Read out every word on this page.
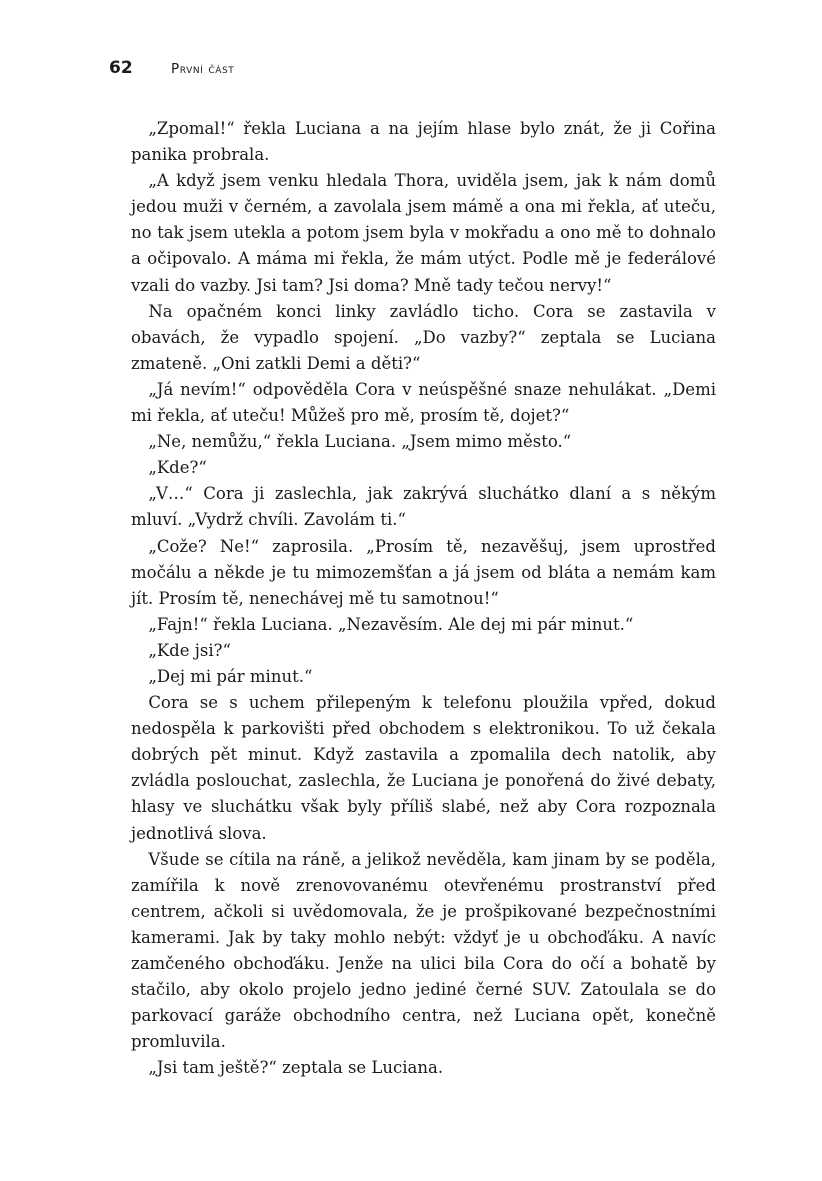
62	První část

„Zpomal!“ řekla Luciana a na jejím hlase bylo znát, že ji Cořina panika probrala.

„A když jsem venku hledala Thora, uviděla jsem, jak k nám domů jedou muži v černém, a zavolala jsem mámě a ona mi řekla, ať uteču, no tak jsem utekla a potom jsem byla v mokřadu a ono mě to dohnalo a očipovalo. A máma mi řekla, že mám utýct. Podle mě je federálové vzali do vazby. Jsi tam? Jsi doma? Mně tady tečou nervy!“

Na opačném konci linky zavládlo ticho. Cora se zastavila v obavách, že vypadlo spojení. „Do vazby?“ zeptala se Luciana zmateně. „Oni zatkli Demi a děti?“

„Já nevím!“ odpověděla Cora v neúspěšné snaze nehulákat. „Demi mi řekla, ať uteču! Můžeš pro mě, prosím tě, dojet?“

„Ne, nemůžu,“ řekla Luciana. „Jsem mimo město.“

„Kde?“

„V…“ Cora ji zaslechla, jak zakrývá sluchátko dlaní a s někým mluví. „Vydrž chvíli. Zavolám ti.“

„Cože? Ne!“ zaprosila. „Prosím tě, nezavěšuj, jsem uprostřed močálu a někde je tu mimozemšťan a já jsem od bláta a nemám kam jít. Prosím tě, nenechávej mě tu samotnou!“

„Fajn!“ řekla Luciana. „Nezavěsím. Ale dej mi pár minut.“

„Kde jsi?“

„Dej mi pár minut.“

Cora se s uchem přilepeným k telefonu ploužila vpřed, dokud nedospěla k parkovišti před obchodem s elektronikou. To už čekala dobrých pět minut. Když zastavila a zpomalila dech natolik, aby zvládla poslouchat, zaslechla, že Luciana je ponořená do živé debaty, hlasy ve sluchátku však byly příliš slabé, než aby Cora rozpoznala jednotlivá slova.

Všude se cítila na ráně, a jelikož nevěděla, kam jinam by se poděla, zamířila k nově zrenovovanému otevřenému prostranství před centrem, ačkoli si uvědomovala, že je prošpikované bezpečnostními kamerami. Jak by taky mohlo nebýt: vždyť je u obchoďáku. A navíc zamčeného obchoďáku. Jenže na ulici bila Cora do očí a bohatě by stačilo, aby okolo projelo jedno jediné černé SUV. Zatoulala se do parkovací garáže obchodního centra, než Luciana opět, konečně promluvila.

„Jsi tam ještě?“ zeptala se Luciana.
